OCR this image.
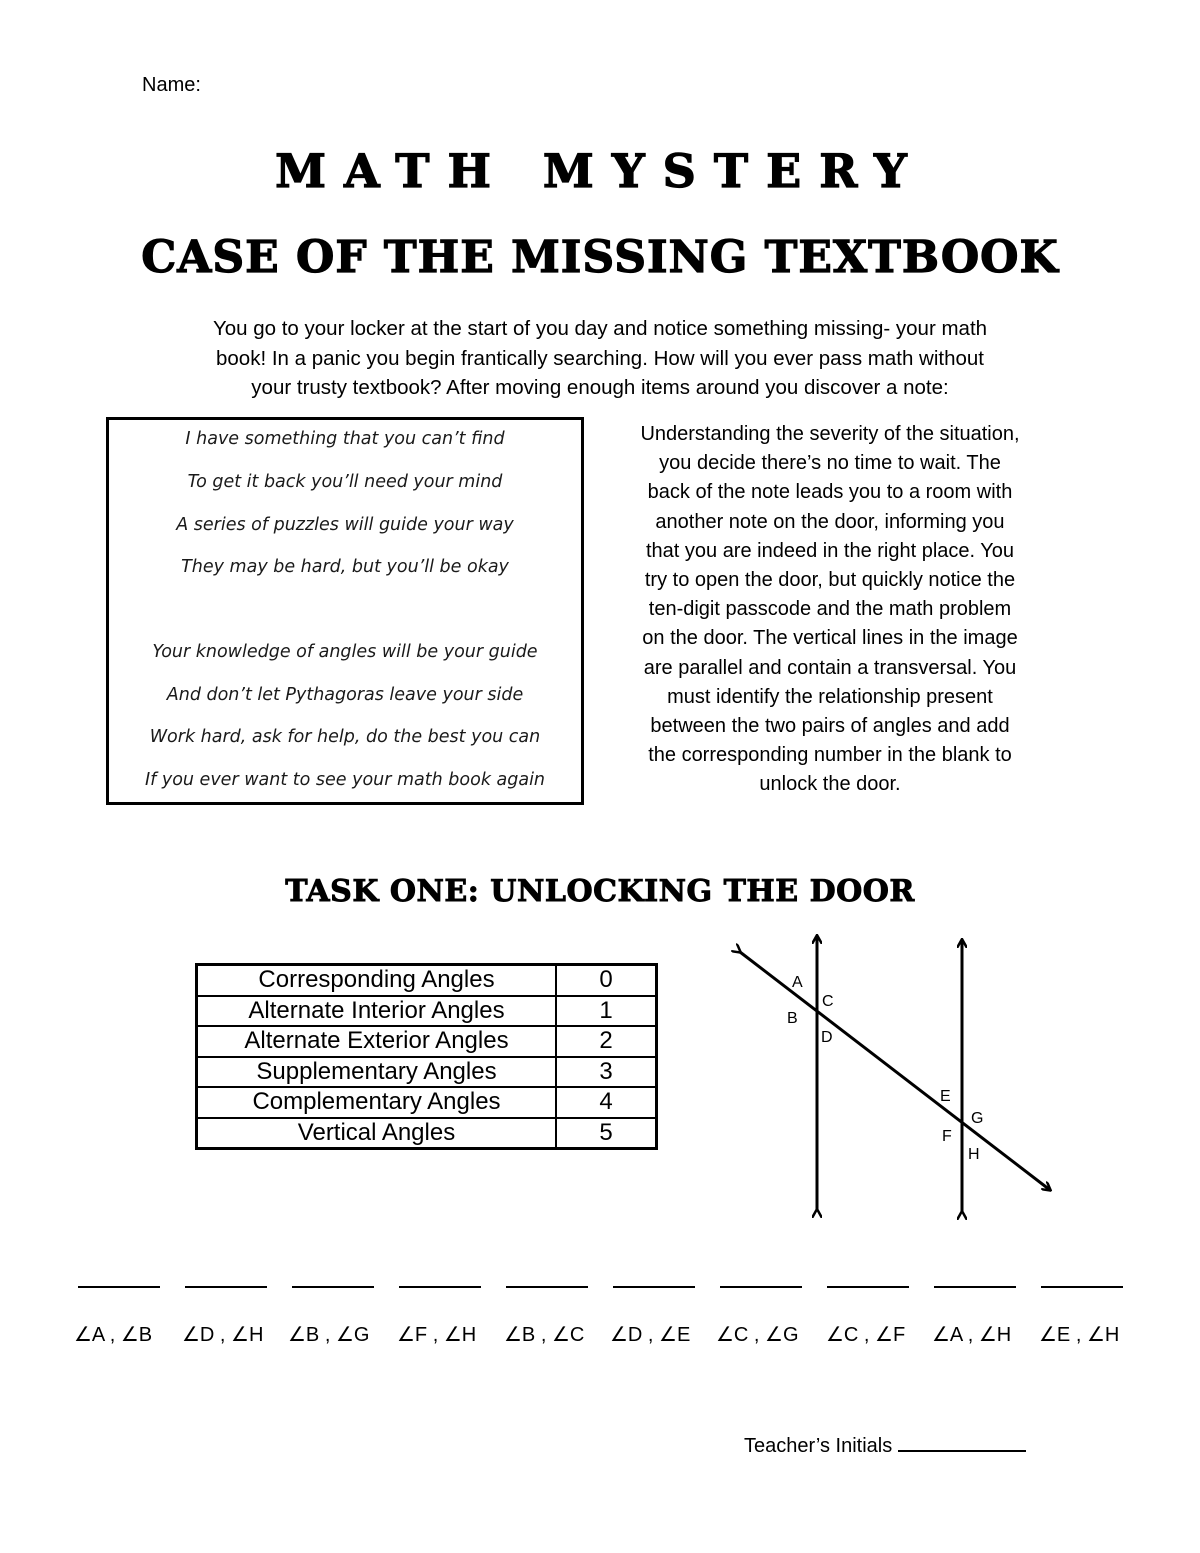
Name:
MATH MYSTERY
CASE OF THE MISSING TEXTBOOK
You go to your locker at the start of you day and notice something missing- your math
book! In a panic you begin frantically searching. How will you ever pass math without
your trusty textbook? After moving enough items around you discover a note:
I have something that you can’t find
To get it back you’ll need your mind
A series of puzzles will guide your way
They may be hard, but you’ll be okay
Your knowledge of angles will be your guide
And don’t let Pythagoras leave your side
Work hard, ask for help, do the best you can
If you ever want to see your math book again
Understanding the severity of the situation,
you decide there’s no time to wait. The
back of the note leads you to a room with
another note on the door, informing you
that you are indeed in the right place. You
try to open the door, but quickly notice the
ten-digit passcode and the math problem
on the door. The vertical lines in the image
are parallel and contain a transversal. You
must identify the relationship present
between the two pairs of angles and add
the corresponding number in the blank to
unlock the door.
TASK ONE: UNLOCKING THE DOOR
Corresponding Angles	0
Alternate Interior Angles	1
Alternate Exterior Angles	2
Supplementary Angles	3
Complementary Angles	4
Vertical Angles	5
A
C
B
D
E
G
F
H
∠A , ∠B ∠D , ∠H ∠B , ∠G ∠F , ∠H ∠B , ∠C ∠D , ∠E ∠C , ∠G ∠C , ∠F ∠A , ∠H ∠E , ∠H
Teacher’s Initials
